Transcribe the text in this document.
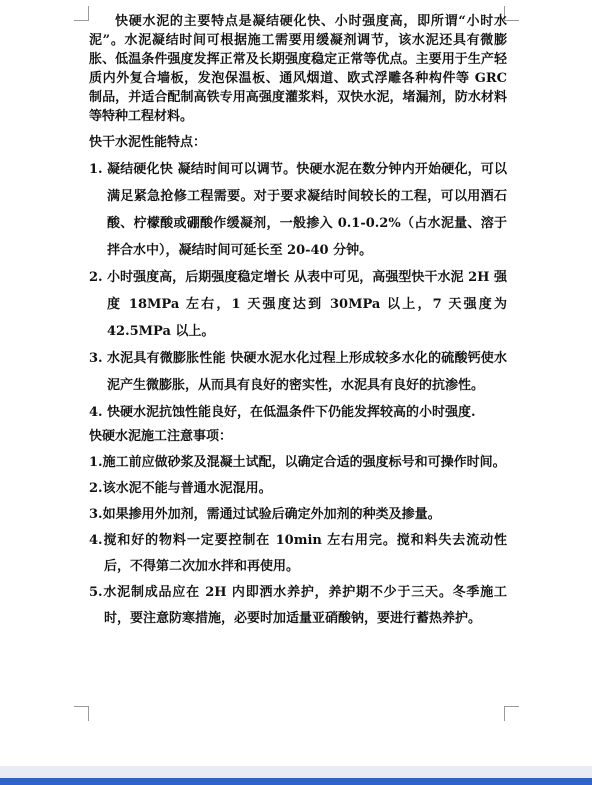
快硬水泥的主要特点是凝结硬化快、小时强度高，即所谓“小时水泥”。水泥凝结时间可根据施工需要用缓凝剂调节，该水泥还具有微膨胀、低温条件强度发挥正常及长期强度稳定正常等优点。主要用于生产轻质内外复合墙板，发泡保温板、通风烟道、欧式浮雕各种构件等 GRC 制品，并适合配制高铁专用高强度灌浆料，双快水泥，堵漏剂，防水材料等特种工程材料。

快干水泥性能特点：

1. 凝结硬化快 凝结时间可以调节。快硬水泥在数分钟内开始硬化，可以满足紧急抢修工程需要。对于要求凝结时间较长的工程，可以用酒石酸、柠檬酸或硼酸作缓凝剂，一般掺入 0.1-0.2%（占水泥量、溶于拌合水中），凝结时间可延长至 20-40 分钟。

2. 小时强度高，后期强度稳定增长 从表中可见，高强型快干水泥 2H 强度 18MPa 左右，1 天强度达到 30MPa 以上，7 天强度为 42.5MPa 以上。

3. 水泥具有微膨胀性能 快硬水泥水化过程上形成较多水化的硫酸钙使水泥产生微膨胀，从而具有良好的密实性，水泥具有良好的抗渗性。

4. 快硬水泥抗蚀性能良好，在低温条件下仍能发挥较高的小时强度.

快硬水泥施工注意事项：

1.施工前应做砂浆及混凝土试配，以确定合适的强度标号和可操作时间。

2.该水泥不能与普通水泥混用。

3.如果掺用外加剂，需通过试验后确定外加剂的种类及掺量。

4.搅和好的物料一定要控制在 10min 左右用完。搅和料失去流动性后，不得第二次加水拌和再使用。

5.水泥制成品应在 2H 内即洒水养护，养护期不少于三天。冬季施工时，要注意防寒措施，必要时加适量亚硝酸钠，要进行蓄热养护。
